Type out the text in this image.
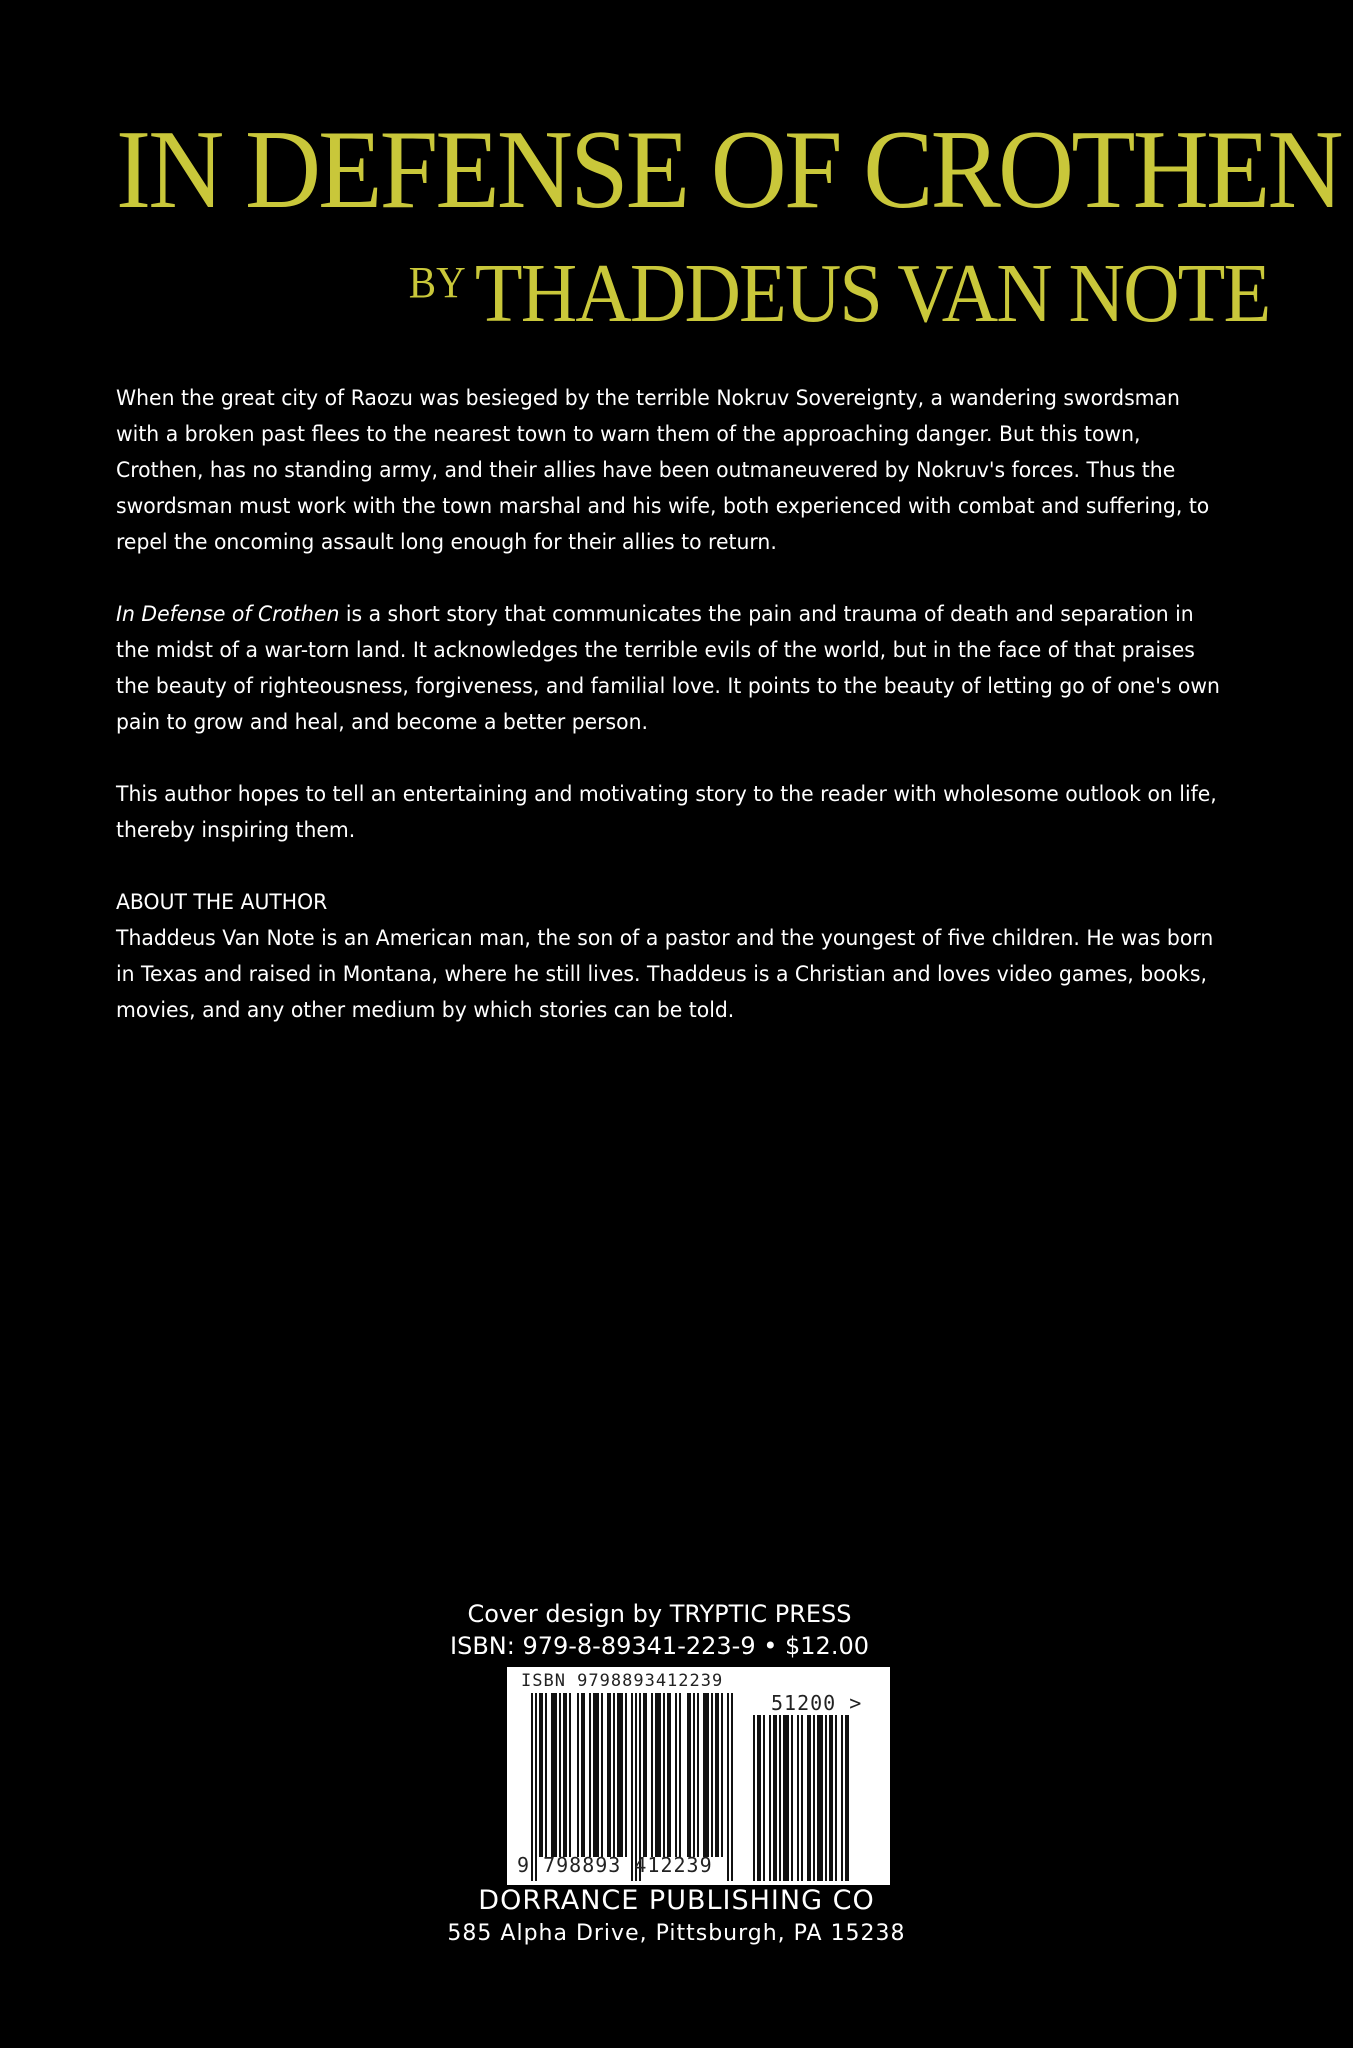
IN DEFENSE OF CROTHEN
BY THADDEUS VAN NOTE

When the great city of Raozu was besieged by the terrible Nokruv Sovereignty, a wandering swordsman with a broken past flees to the nearest town to warn them of the approaching danger. But this town, Crothen, has no standing army, and their allies have been outmaneuvered by Nokruv's forces. Thus the swordsman must work with the town marshal and his wife, both experienced with combat and suffering, to repel the oncoming assault long enough for their allies to return.

In Defense of Crothen is a short story that communicates the pain and trauma of death and separation in the midst of a war-torn land. It acknowledges the terrible evils of the world, but in the face of that praises the beauty of righteousness, forgiveness, and familial love. It points to the beauty of letting go of one's own pain to grow and heal, and become a better person.

This author hopes to tell an entertaining and motivating story to the reader with wholesome outlook on life, thereby inspiring them.

ABOUT THE AUTHOR

Thaddeus Van Note is an American man, the son of a pastor and the youngest of five children. He was born in Texas and raised in Montana, where he still lives. Thaddeus is a Christian and loves video games, books, movies, and any other medium by which stories can be told.

Cover design by TRYPTIC PRESS
ISBN: 979-8-89341-223-9 • $12.00
ISBN 9798893412239
51200 >
9 798893 412239
DORRANCE PUBLISHING CO
585 Alpha Drive, Pittsburgh, PA 15238
